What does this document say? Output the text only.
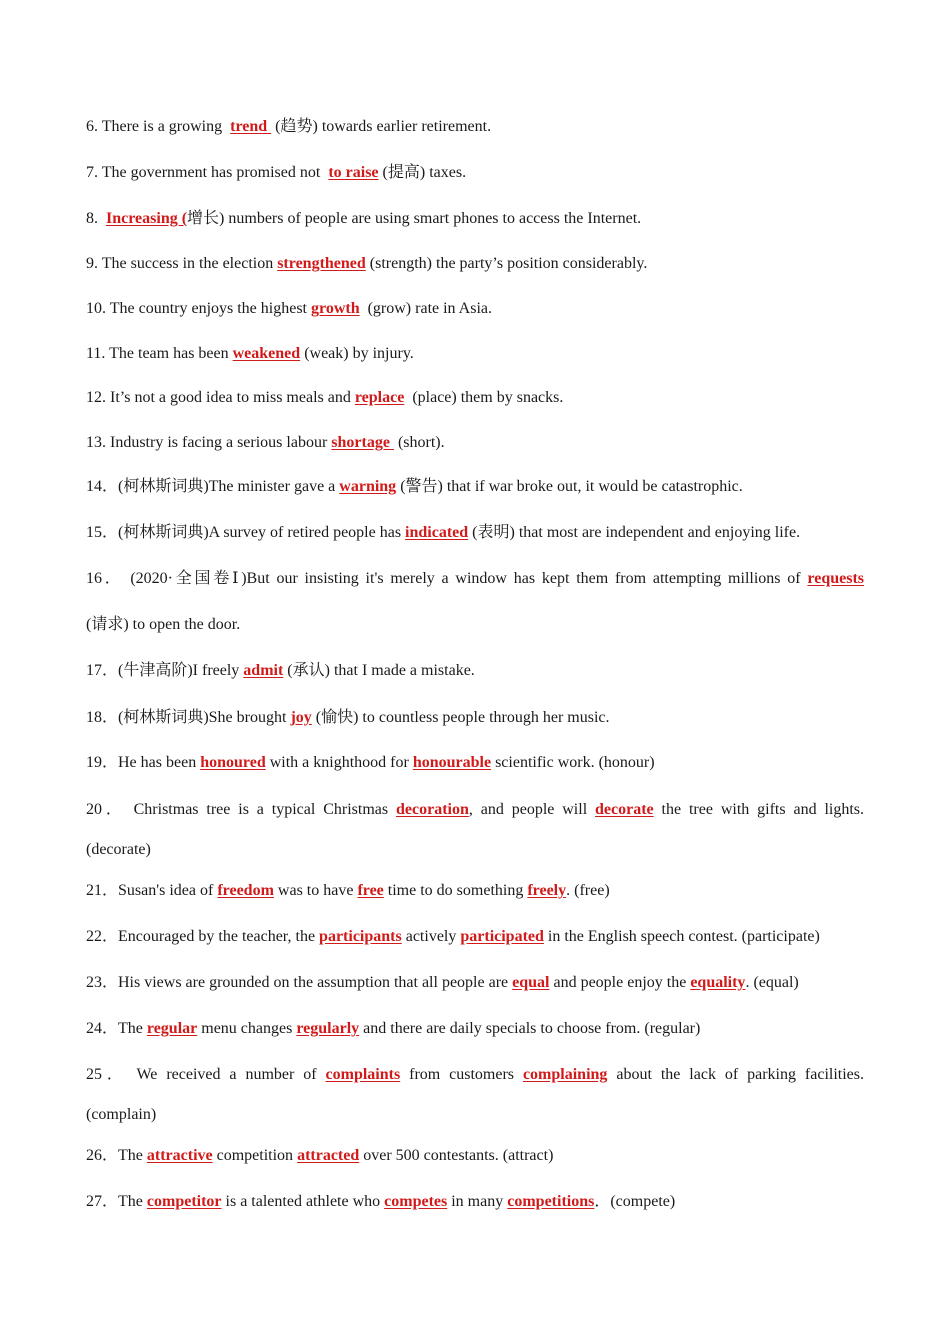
6. There is a growing  trend  (趋势) towards earlier retirement.
7. The government has promised not  to raise (提高) taxes.
8.  Increasing (增长) numbers of people are using smart phones to access the Internet.
9. The success in the election strengthened (strength) the party’s position considerably.
10. The country enjoys the highest growth  (grow) rate in Asia.
11. The team has been weakened (weak) by injury.
12. It’s not a good idea to miss meals and replace  (place) them by snacks.
13. Industry is facing a serious labour shortage  (short).
14．(柯林斯词典)The minister gave a warning (警告) that if war broke out, it would be catastrophic.
15．(柯林斯词典)A survey of retired people has indicated (表明) that most are independent and enjoying life.
16． (2020·全国卷Ⅰ)But our insisting it's merely a window has kept them from attempting millions of requests
(请求) to open the door.
17．(牛津高阶)I freely admit (承认) that I made a mistake.
18．(柯林斯词典)She brought joy (愉快) to countless people through her music.
19．He has been honoured with a knighthood for honourable scientific work. (honour)
20． Christmas tree is a typical Christmas decoration, and people will decorate the tree with gifts and lights.
(decorate)
21．Susan's idea of freedom was to have free time to do something freely. (free)
22．Encouraged by the teacher, the participants actively participated in the English speech contest. (participate)
23．His views are grounded on the assumption that all people are equal and people enjoy the equality. (equal)
24．The regular menu changes regularly and there are daily specials to choose from. (regular)
25． We received a number of complaints from customers complaining about the lack of parking facilities.
(complain)
26．The attractive competition attracted over 500 contestants. (attract)
27．The competitor is a talented athlete who competes in many competitions．(compete)
